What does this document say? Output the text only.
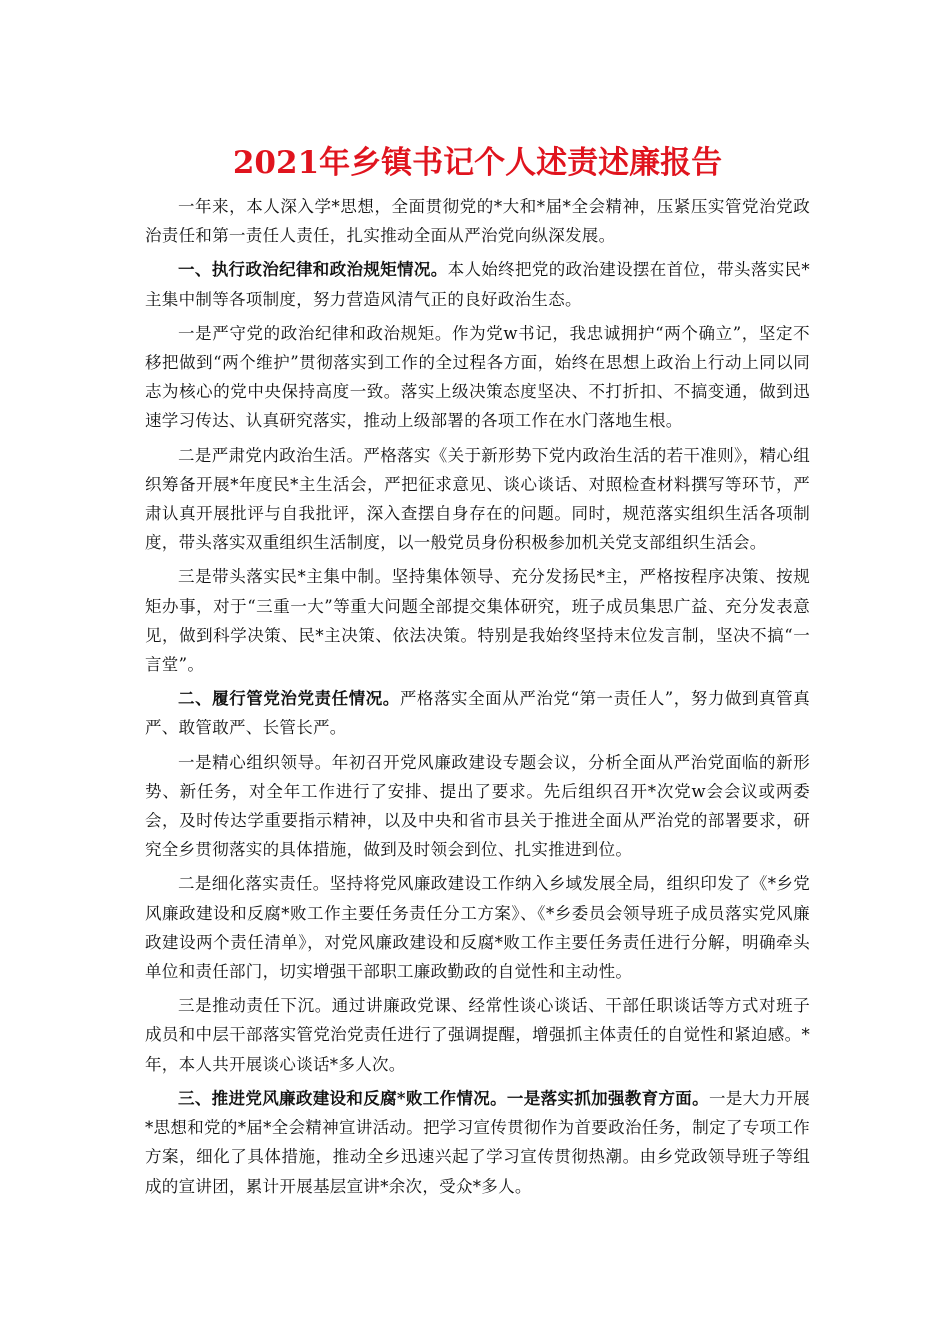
2021年乡镇书记个人述责述廉报告

一年来，本人深入学*思想，全面贯彻党的*大和*届*全会精神，压紧压实管党治党政治责任和第一责任人责任，扎实推动全面从严治党向纵深发展。

一、执行政治纪律和政治规矩情况。本人始终把党的政治建设摆在首位，带头落实民*主集中制等各项制度，努力营造风清气正的良好政治生态。

一是严守党的政治纪律和政治规矩。作为党w书记，我忠诚拥护“两个确立”，坚定不移把做到“两个维护”贯彻落实到工作的全过程各方面，始终在思想上政治上行动上同以同志为核心的党中央保持高度一致。落实上级决策态度坚决、不打折扣、不搞变通，做到迅速学习传达、认真研究落实，推动上级部署的各项工作在水门落地生根。

二是严肃党内政治生活。严格落实《关于新形势下党内政治生活的若干准则》，精心组织筹备开展*年度民*主生活会，严把征求意见、谈心谈话、对照检查材料撰写等环节，严肃认真开展批评与自我批评，深入查摆自身存在的问题。同时，规范落实组织生活各项制度，带头落实双重组织生活制度，以一般党员身份积极参加机关党支部组织生活会。

三是带头落实民*主集中制。坚持集体领导、充分发扬民*主，严格按程序决策、按规矩办事，对于“三重一大”等重大问题全部提交集体研究，班子成员集思广益、充分发表意见，做到科学决策、民*主决策、依法决策。特别是我始终坚持末位发言制，坚决不搞“一言堂”。

二、履行管党治党责任情况。严格落实全面从严治党“第一责任人”，努力做到真管真严、敢管敢严、长管长严。

一是精心组织领导。年初召开党风廉政建设专题会议，分析全面从严治党面临的新形势、新任务，对全年工作进行了安排、提出了要求。先后组织召开*次党w会会议或两委会，及时传达学重要指示精神，以及中央和省市县关于推进全面从严治党的部署要求，研究全乡贯彻落实的具体措施，做到及时领会到位、扎实推进到位。

二是细化落实责任。坚持将党风廉政建设工作纳入乡域发展全局，组织印发了《*乡党风廉政建设和反腐*败工作主要任务责任分工方案》、《*乡委员会领导班子成员落实党风廉政建设两个责任清单》，对党风廉政建设和反腐*败工作主要任务责任进行分解，明确牵头单位和责任部门，切实增强干部职工廉政勤政的自觉性和主动性。

三是推动责任下沉。通过讲廉政党课、经常性谈心谈话、干部任职谈话等方式对班子成员和中层干部落实管党治党责任进行了强调提醒，增强抓主体责任的自觉性和紧迫感。*年，本人共开展谈心谈话*多人次。

三、推进党风廉政建设和反腐*败工作情况。一是落实抓加强教育方面。一是大力开展*思想和党的*届*全会精神宣讲活动。把学习宣传贯彻作为首要政治任务，制定了专项工作方案，细化了具体措施，推动全乡迅速兴起了学习宣传贯彻热潮。由乡党政领导班子等组成的宣讲团，累计开展基层宣讲*余次，受众*多人。
